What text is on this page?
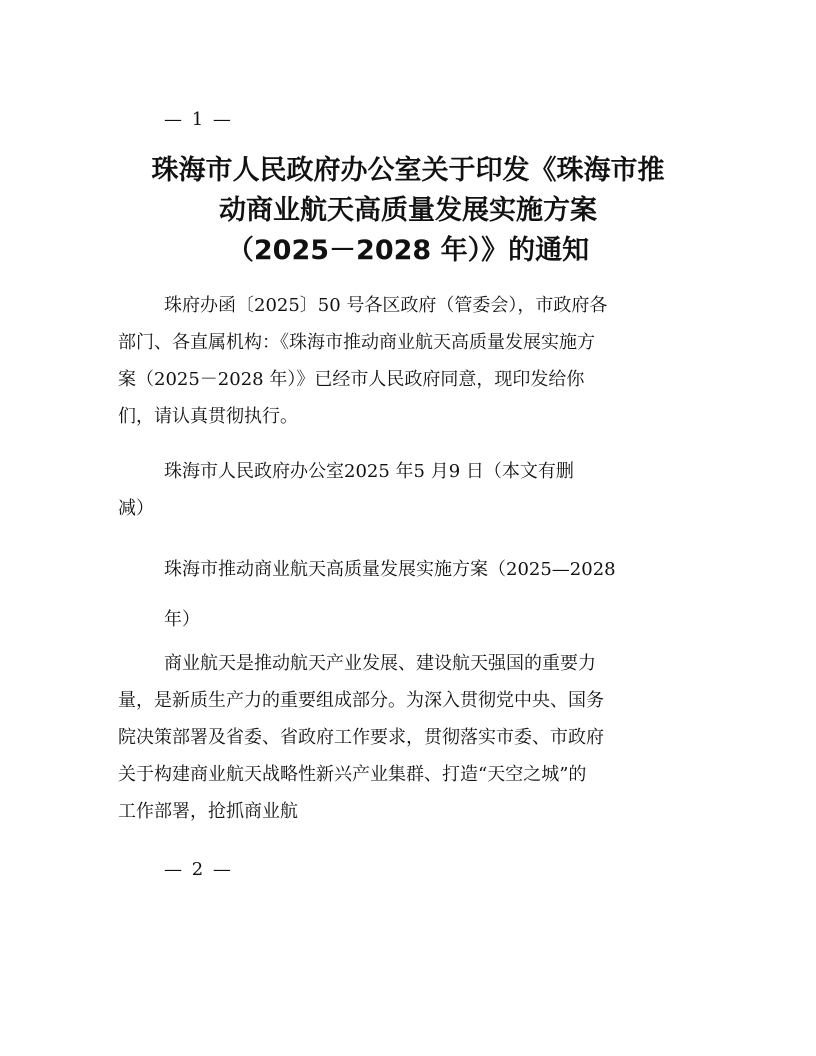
— 1 —
珠海市人民政府办公室关于印发《珠海市推
动商业航天高质量发展实施方案
（2025－2028 年）》的通知
珠府办函〔2025〕50 号各区政府（管委会），市政府各
部门、各直属机构：《珠海市推动商业航天高质量发展实施方
案（2025－2028 年）》已经市人民政府同意，现印发给你
们，请认真贯彻执行。
珠海市人民政府办公室2025 年5 月9 日（本文有删
减）
珠海市推动商业航天高质量发展实施方案（2025—2028
年）
商业航天是推动航天产业发展、建设航天强国的重要力
量，是新质生产力的重要组成部分。为深入贯彻党中央、国务
院决策部署及省委、省政府工作要求，贯彻落实市委、市政府
关于构建商业航天战略性新兴产业集群、打造“天空之城”的
工作部署，抢抓商业航
— 2 —
